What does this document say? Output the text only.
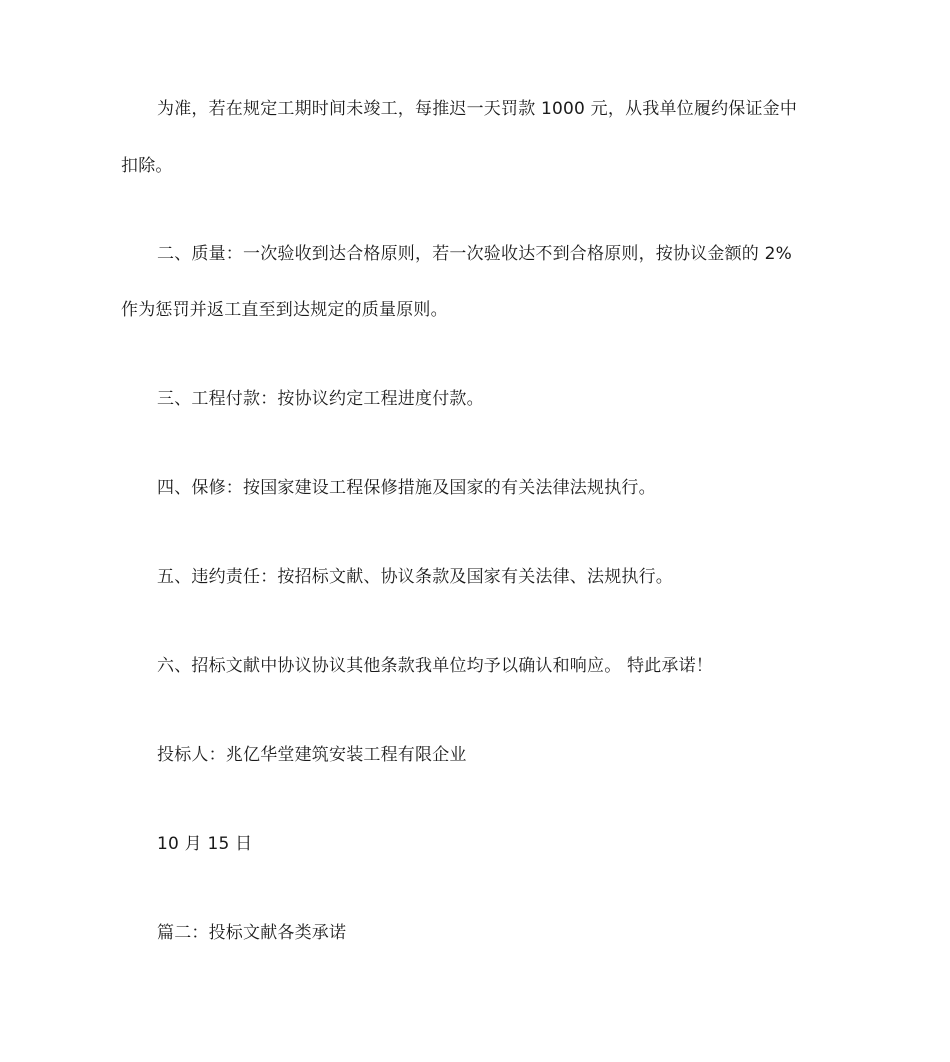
为准，若在规定工期时间未竣工，每推迟一天罚款 1000 元，从我单位履约保证金中
扣除。
二、质量：一次验收到达合格原则，若一次验收达不到合格原则，按协议金额的 2%
作为惩罚并返工直至到达规定的质量原则。
三、工程付款：按协议约定工程进度付款。
四、保修：按国家建设工程保修措施及国家的有关法律法规执行。
五、违约责任：按招标文献、协议条款及国家有关法律、法规执行。
六、招标文献中协议协议其他条款我单位均予以确认和响应。 特此承诺！
投标人：兆亿华堂建筑安装工程有限企业
10 月 15 日
篇二：投标文献各类承诺
